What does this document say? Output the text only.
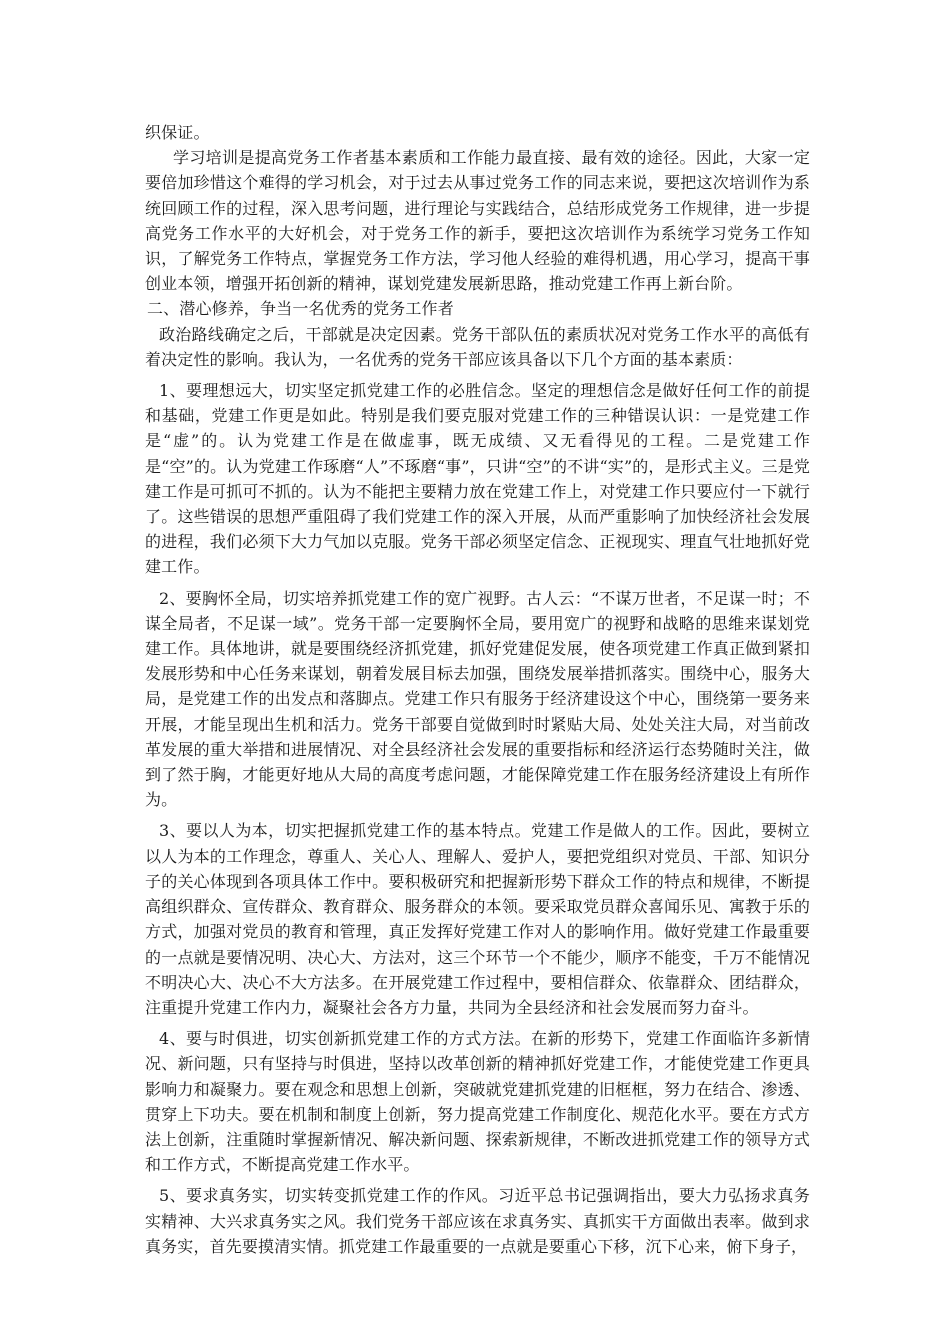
织保证。

学习培训是提高党务工作者基本素质和工作能力最直接、最有效的途径。因此，大家一定要倍加珍惜这个难得的学习机会，对于过去从事过党务工作的同志来说，要把这次培训作为系统回顾工作的过程，深入思考问题，进行理论与实践结合，总结形成党务工作规律，进一步提高党务工作水平的大好机会，对于党务工作的新手，要把这次培训作为系统学习党务工作知识，了解党务工作特点，掌握党务工作方法，学习他人经验的难得机遇，用心学习，提高干事创业本领，增强开拓创新的精神，谋划党建发展新思路，推动党建工作再上新台阶。

二、潜心修养，争当一名优秀的党务工作者

政治路线确定之后，干部就是决定因素。党务干部队伍的素质状况对党务工作水平的高低有着决定性的影响。我认为，一名优秀的党务干部应该具备以下几个方面的基本素质：

1、要理想远大，切实坚定抓党建工作的必胜信念。坚定的理想信念是做好任何工作的前提和基础，党建工作更是如此。特别是我们要克服对党建工作的三种错误认识：一是党建工作是“虚”的。认为党建工作是在做虚事，既无成绩、又无看得见的工程。二是党建工作是“空”的。认为党建工作琢磨“人”不琢磨“事”，只讲“空”的不讲“实”的，是形式主义。三是党建工作是可抓可不抓的。认为不能把主要精力放在党建工作上，对党建工作只要应付一下就行了。这些错误的思想严重阻碍了我们党建工作的深入开展，从而严重影响了加快经济社会发展的进程，我们必须下大力气加以克服。党务干部必须坚定信念、正视现实、理直气壮地抓好党建工作。

2、要胸怀全局，切实培养抓党建工作的宽广视野。古人云：“不谋万世者，不足谋一时；不谋全局者，不足谋一域”。党务干部一定要胸怀全局，要用宽广的视野和战略的思维来谋划党建工作。具体地讲，就是要围绕经济抓党建，抓好党建促发展，使各项党建工作真正做到紧扣发展形势和中心任务来谋划，朝着发展目标去加强，围绕发展举措抓落实。围绕中心，服务大局，是党建工作的出发点和落脚点。党建工作只有服务于经济建设这个中心，围绕第一要务来开展，才能呈现出生机和活力。党务干部要自觉做到时时紧贴大局、处处关注大局，对当前改革发展的重大举措和进展情况、对全县经济社会发展的重要指标和经济运行态势随时关注，做到了然于胸，才能更好地从大局的高度考虑问题，才能保障党建工作在服务经济建设上有所作为。

3、要以人为本，切实把握抓党建工作的基本特点。党建工作是做人的工作。因此，要树立以人为本的工作理念，尊重人、关心人、理解人、爱护人，要把党组织对党员、干部、知识分子的关心体现到各项具体工作中。要积极研究和把握新形势下群众工作的特点和规律，不断提高组织群众、宣传群众、教育群众、服务群众的本领。要采取党员群众喜闻乐见、寓教于乐的方式，加强对党员的教育和管理，真正发挥好党建工作对人的影响作用。做好党建工作最重要的一点就是要情况明、决心大、方法对，这三个环节一个不能少，顺序不能变，千万不能情况不明决心大、决心不大方法多。在开展党建工作过程中，要相信群众、依靠群众、团结群众，注重提升党建工作内力，凝聚社会各方力量，共同为全县经济和社会发展而努力奋斗。

4、要与时俱进，切实创新抓党建工作的方式方法。在新的形势下，党建工作面临许多新情况、新问题，只有坚持与时俱进，坚持以改革创新的精神抓好党建工作，才能使党建工作更具影响力和凝聚力。要在观念和思想上创新，突破就党建抓党建的旧框框，努力在结合、渗透、贯穿上下功夫。要在机制和制度上创新，努力提高党建工作制度化、规范化水平。要在方式方法上创新，注重随时掌握新情况、解决新问题、探索新规律，不断改进抓党建工作的领导方式和工作方式，不断提高党建工作水平。

5、要求真务实，切实转变抓党建工作的作风。习近平总书记强调指出，要大力弘扬求真务实精神、大兴求真务实之风。我们党务干部应该在求真务实、真抓实干方面做出表率。做到求真务实，首先要摸清实情。抓党建工作最重要的一点就是要重心下移，沉下心来，俯下身子，
